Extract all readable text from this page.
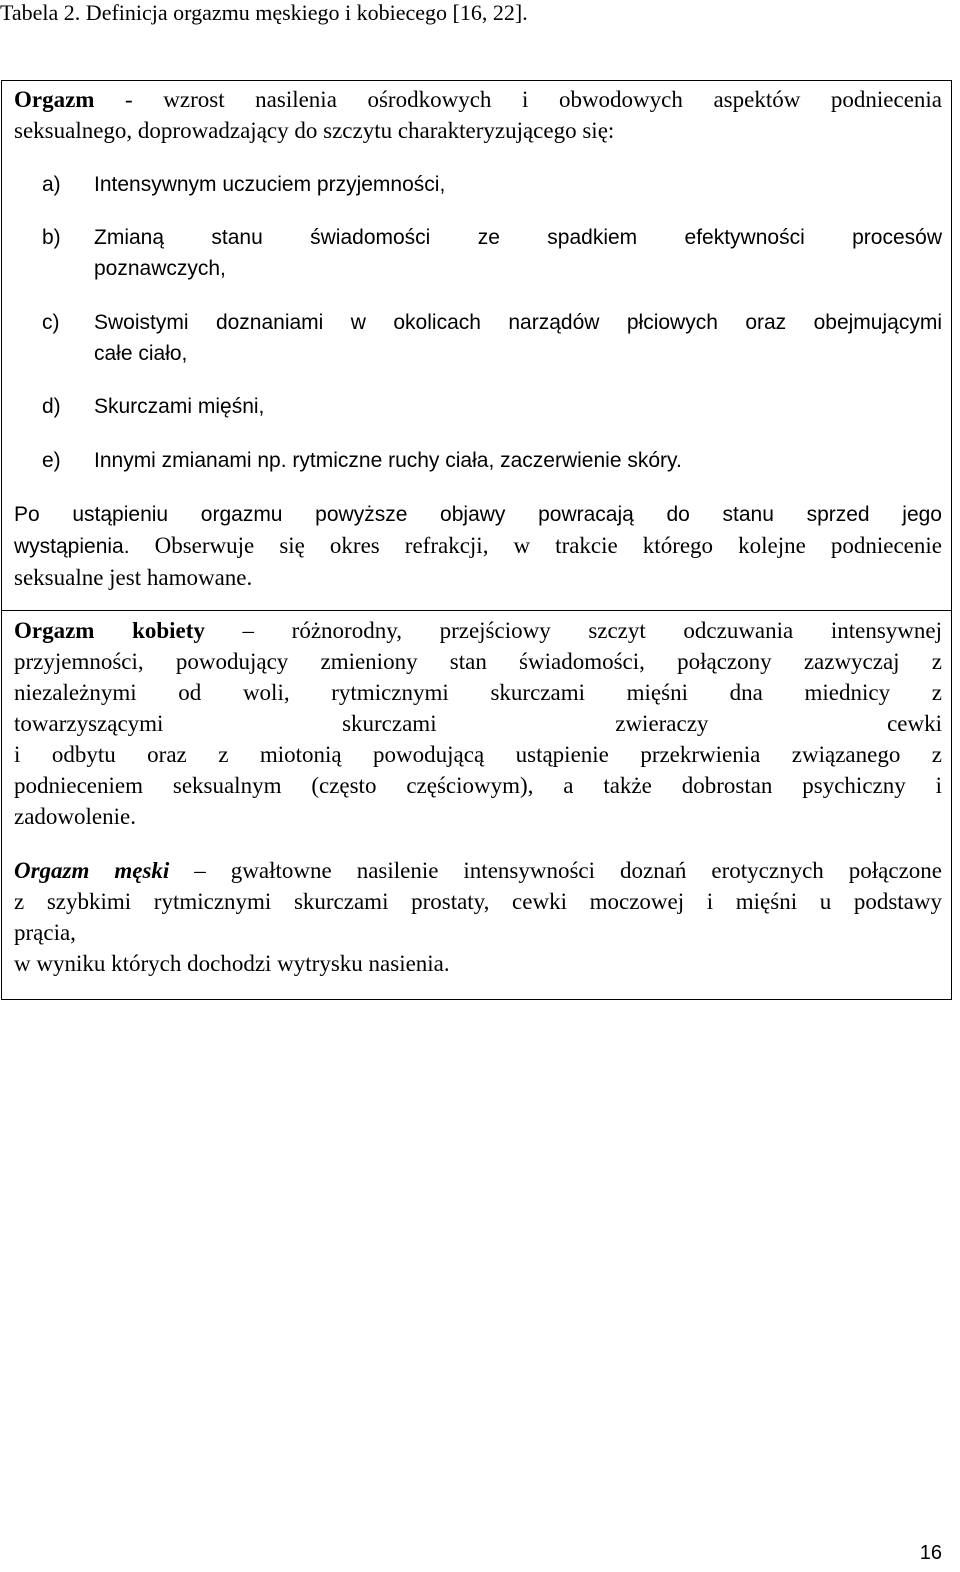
Tabela 2. Definicja orgazmu męskiego i kobiecego [16, 22].

Orgazm - wzrost nasilenia ośrodkowych i obwodowych aspektów podniecenia
seksualnego, doprowadzający do szczytu charakteryzującego się:

a) Intensywnym uczuciem przyjemności,

b) Zmianą stanu świadomości ze spadkiem efektywności procesów
poznawczych,

c) Swoistymi doznaniami w okolicach narządów płciowych oraz obejmującymi
całe ciało,

d) Skurczami mięśni,

e) Innymi zmianami np. rytmiczne ruchy ciała, zaczerwienie skóry.

Po ustąpieniu orgazmu powyższe objawy powracają do stanu sprzed jego
wystąpienia. Obserwuje się okres refrakcji, w trakcie którego kolejne podniecenie
seksualne jest hamowane.

Orgazm kobiety – różnorodny, przejściowy szczyt odczuwania intensywnej
przyjemności, powodujący zmieniony stan świadomości, połączony zazwyczaj z
niezależnymi od woli, rytmicznymi skurczami mięśni dna miednicy z
towarzyszącymi skurczami zwieraczy cewki
i odbytu oraz z miotonią powodującą ustąpienie przekrwienia związanego z
podnieceniem seksualnym (często częściowym), a także dobrostan psychiczny i
zadowolenie.

Orgazm męski – gwałtowne nasilenie intensywności doznań erotycznych połączone
z szybkimi rytmicznymi skurczami prostaty, cewki moczowej i mięśni u podstawy
prącia,
w wyniku których dochodzi wytrysku nasienia.

16
